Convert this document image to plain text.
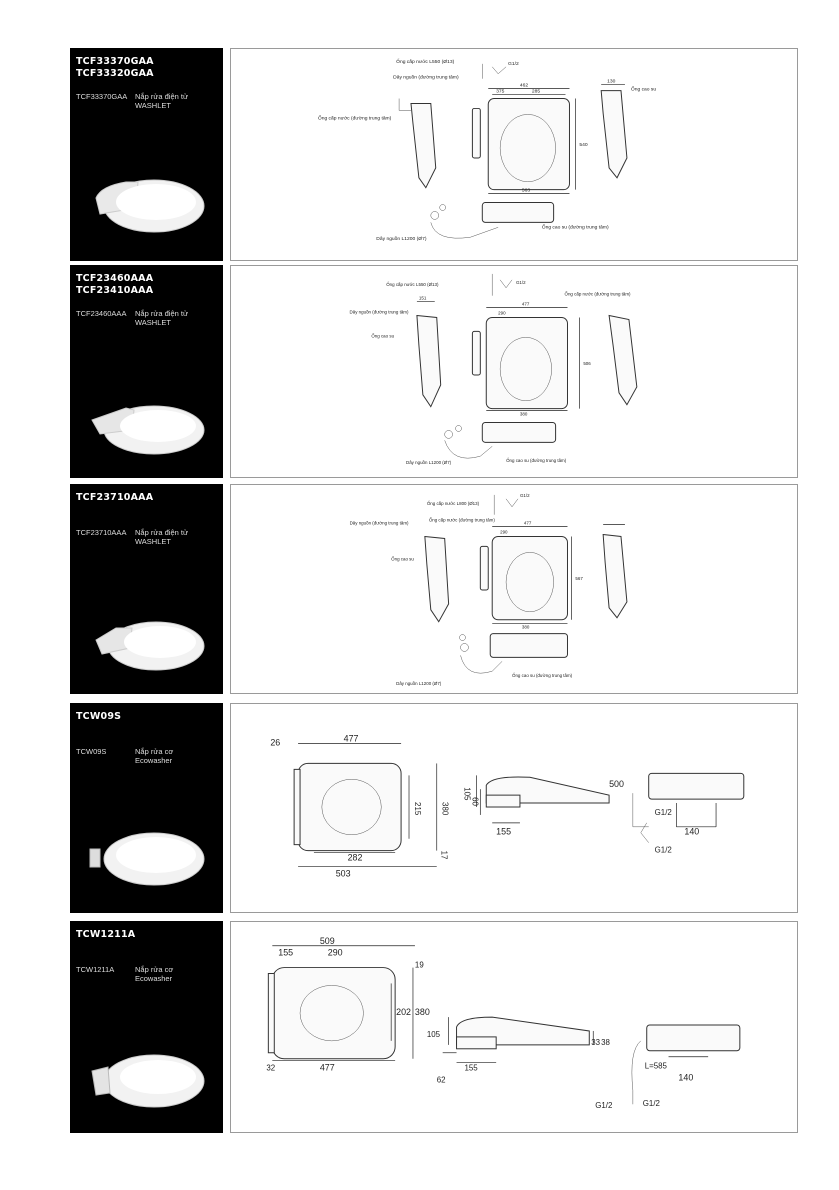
TCF33370GAA
TCF33320GAA
TCF33370GAA Nắp rửa điện tử
WASHLET
Ống cấp nước (đường trung tâm)
Ống cấp nước L550 (Ø13)
Dây nguồn (đường trung tâm)
G1/2
462
375	285
540
563
Dây nguồn L1200 (Ø7)
Ống cao su (đường trung tâm)
130
Ống cao su
TCF23460AAA
TCF23410AAA
TCF23460AAA Nắp rửa điện tử
WASHLET
Ống cấp nước L550 (Ø13)	G1/2
Ống cấp nước (đường trung tâm)
Dây nguồn (đường trung tâm)
Ống cao su
151
477
506
380
290
Dây nguồn L1200 (Ø7)	Ống cao su (đường trung tâm)
TCF23710AAA
TCF23710AAA Nắp rửa điện tử
WASHLET
Ống cấp nước L800 (Ø13)
G1/2
Dây nguồn (đường trung tâm)
Ống cấp nước (đường trung tâm)
Ống cao su
477
290
567
380
Dây nguồn L1200 (Ø7)
Ống cao su (đường trung tâm)
TCW09S
TCW09S	Nắp rửa cơ
Ecowasher
26	477
215 380
282
503
17
105
60
155
500
G1/2
140
G1/2
TCW1211A
TCW1211A	Nắp rửa cơ
Ecowasher
509
155	290
19
202 380
32	477
105
33 38
62
155	L=585
140
G1/2	G1/2
